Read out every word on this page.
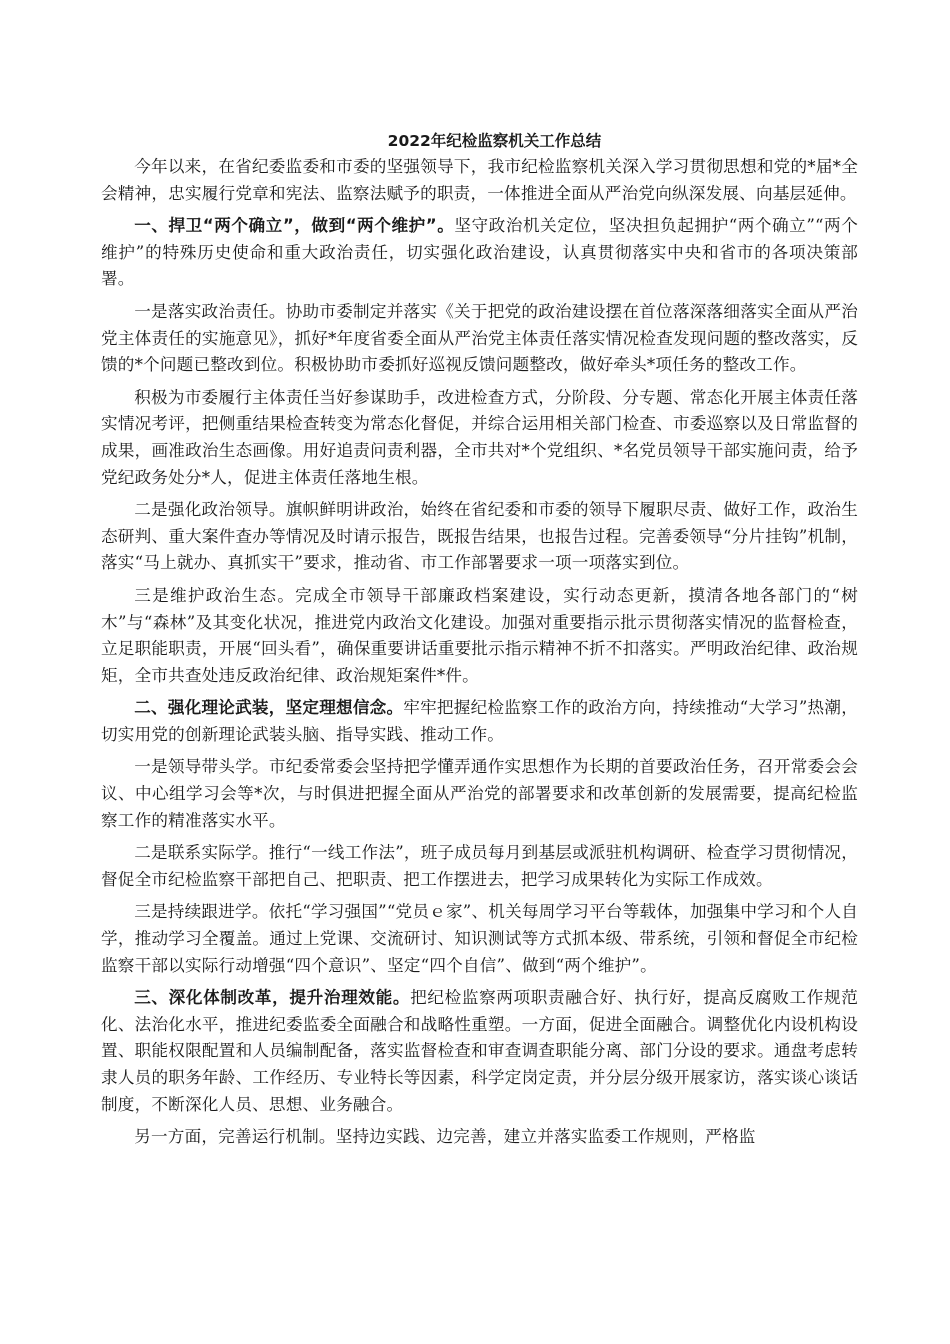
2022年纪检监察机关工作总结

今年以来，在省纪委监委和市委的坚强领导下，我市纪检监察机关深入学习贯彻思想和党的*届*全会精神，忠实履行党章和宪法、监察法赋予的职责，一体推进全面从严治党向纵深发展、向基层延伸。

一、捍卫“两个确立”，做到“两个维护”。坚守政治机关定位，坚决担负起拥护“两个确立”“两个维护”的特殊历史使命和重大政治责任，切实强化政治建设，认真贯彻落实中央和省市的各项决策部署。

一是落实政治责任。协助市委制定并落实《关于把党的政治建设摆在首位落深落细落实全面从严治党主体责任的实施意见》，抓好*年度省委全面从严治党主体责任落实情况检查发现问题的整改落实，反馈的*个问题已整改到位。积极协助市委抓好巡视反馈问题整改，做好牵头*项任务的整改工作。

积极为市委履行主体责任当好参谋助手，改进检查方式，分阶段、分专题、常态化开展主体责任落实情况考评，把侧重结果检查转变为常态化督促，并综合运用相关部门检查、市委巡察以及日常监督的成果，画准政治生态画像。用好追责问责利器，全市共对*个党组织、*名党员领导干部实施问责，给予党纪政务处分*人，促进主体责任落地生根。

二是强化政治领导。旗帜鲜明讲政治，始终在省纪委和市委的领导下履职尽责、做好工作，政治生态研判、重大案件查办等情况及时请示报告，既报告结果，也报告过程。完善委领导“分片挂钩”机制，落实“马上就办、真抓实干”要求，推动省、市工作部署要求一项一项落实到位。

三是维护政治生态。完成全市领导干部廉政档案建设，实行动态更新，摸清各地各部门的“树木”与“森林”及其变化状况，推进党内政治文化建设。加强对重要指示批示贯彻落实情况的监督检查，立足职能职责，开展“回头看”，确保重要讲话重要批示指示精神不折不扣落实。严明政治纪律、政治规矩，全市共查处违反政治纪律、政治规矩案件*件。

二、强化理论武装，坚定理想信念。牢牢把握纪检监察工作的政治方向，持续推动“大学习”热潮，切实用党的创新理论武装头脑、指导实践、推动工作。

一是领导带头学。市纪委常委会坚持把学懂弄通作实思想作为长期的首要政治任务，召开常委会会议、中心组学习会等*次，与时俱进把握全面从严治党的部署要求和改革创新的发展需要，提高纪检监察工作的精准落实水平。

二是联系实际学。推行“一线工作法”，班子成员每月到基层或派驻机构调研、检查学习贯彻情况，督促全市纪检监察干部把自己、把职责、把工作摆进去，把学习成果转化为实际工作成效。

三是持续跟进学。依托“学习强国”“党员ｅ家”、机关每周学习平台等载体，加强集中学习和个人自学，推动学习全覆盖。通过上党课、交流研讨、知识测试等方式抓本级、带系统，引领和督促全市纪检监察干部以实际行动增强“四个意识”、坚定“四个自信”、做到“两个维护”。

三、深化体制改革，提升治理效能。把纪检监察两项职责融合好、执行好，提高反腐败工作规范化、法治化水平，推进纪委监委全面融合和战略性重塑。一方面，促进全面融合。调整优化内设机构设置、职能权限配置和人员编制配备，落实监督检查和审查调查职能分离、部门分设的要求。通盘考虑转隶人员的职务年龄、工作经历、专业特长等因素，科学定岗定责，并分层分级开展家访，落实谈心谈话制度，不断深化人员、思想、业务融合。

另一方面，完善运行机制。坚持边实践、边完善，建立并落实监委工作规则，严格监
